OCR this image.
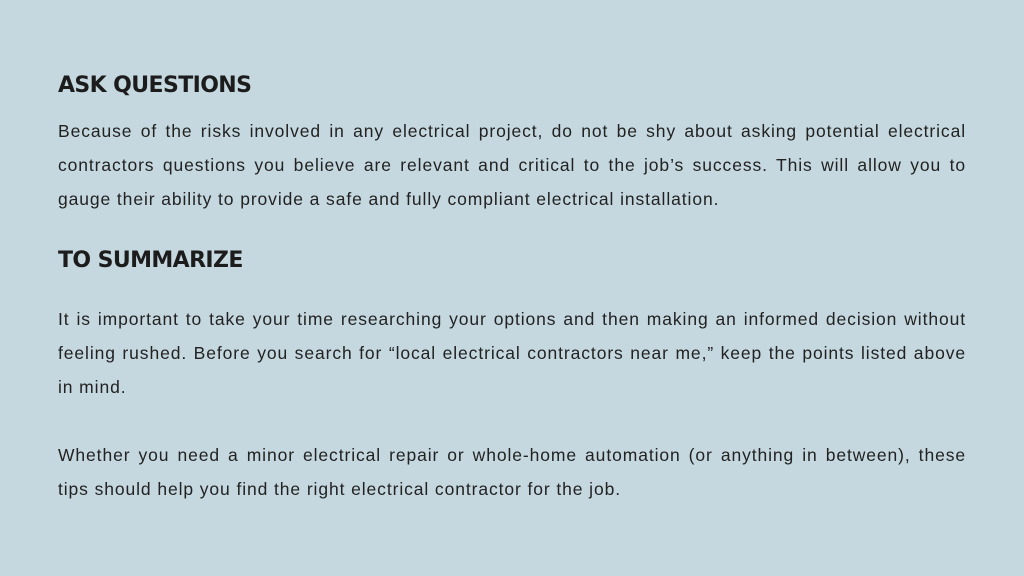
ASK QUESTIONS

Because of the risks involved in any electrical project, do not be shy about asking potential electrical contractors questions you believe are relevant and critical to the job’s success. This will allow you to gauge their ability to provide a safe and fully compliant electrical installation.

TO SUMMARIZE

It is important to take your time researching your options and then making an informed decision without feeling rushed. Before you search for “local electrical contractors near me,” keep the points listed above in mind.

Whether you need a minor electrical repair or whole-home automation (or anything in between), these tips should help you find the right electrical contractor for the job.
